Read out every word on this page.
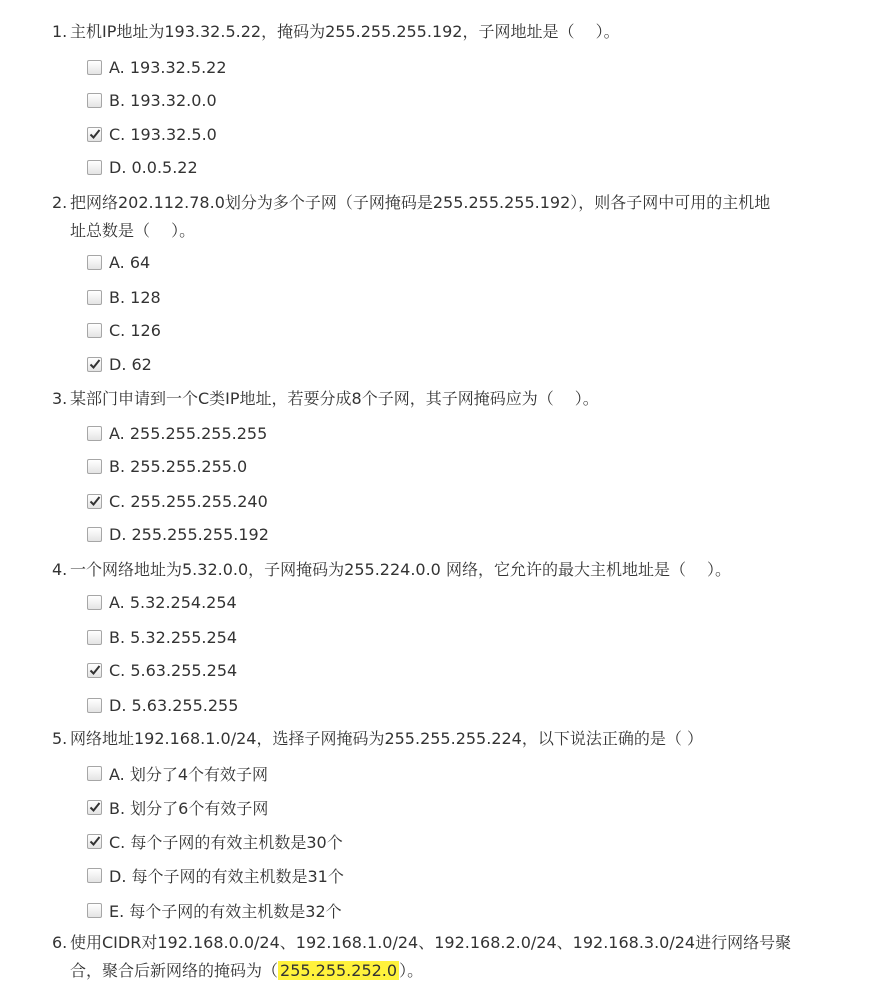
1. 主机IP地址为193.32.5.22，掩码为255.255.255.192，子网地址是（　 ）。
A. 193.32.5.22
B. 193.32.0.0
C. 193.32.5.0
D. 0.0.5.22
2. 把网络202.112.78.0划分为多个子网（子网掩码是255.255.255.192），则各子网中可用的主机地
址总数是（　 ）。
A. 64
B. 128
C. 126
D. 62
3. 某部门申请到一个C类IP地址，若要分成8个子网，其子网掩码应为（　 ）。
A. 255.255.255.255
B. 255.255.255.0
C. 255.255.255.240
D. 255.255.255.192
4. 一个网络地址为5.32.0.0，子网掩码为255.224.0.0 网络，它允许的最大主机地址是（　 ）。
A. 5.32.254.254
B. 5.32.255.254
C. 5.63.255.254
D. 5.63.255.255
5. 网络地址192.168.1.0/24，选择子网掩码为255.255.255.224，以下说法正确的是（ ）
A. 划分了4个有效子网
B. 划分了6个有效子网
C. 每个子网的有效主机数是30个
D. 每个子网的有效主机数是31个
E. 每个子网的有效主机数是32个
6. 使用CIDR对192.168.0.0/24、192.168.1.0/24、192.168.2.0/24、192.168.3.0/24进行网络号聚
合，聚合后新网络的掩码为（ 255.255.252.0 ）。
